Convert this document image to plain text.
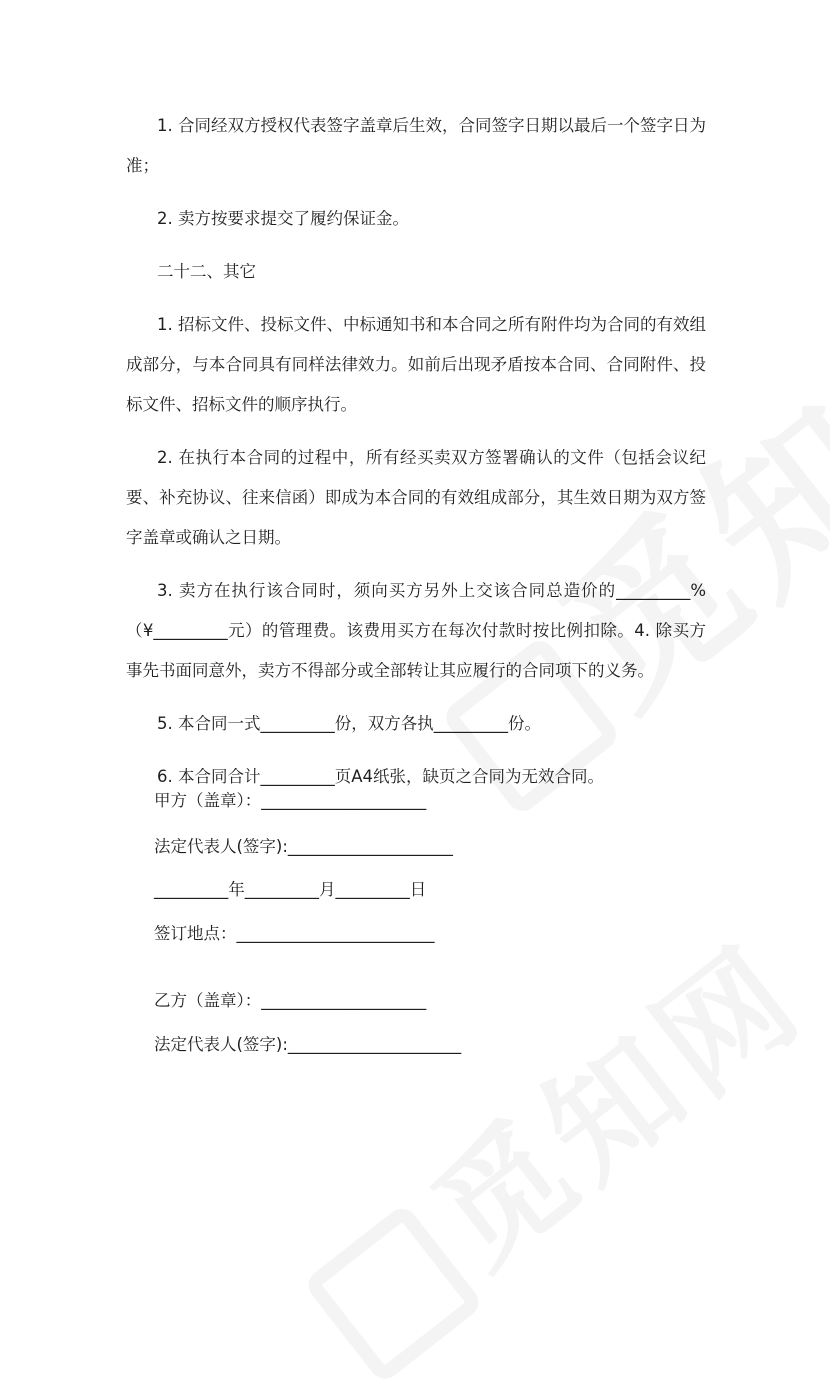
1. 合同经双方授权代表签字盖章后生效，合同签字日期以最后一个签字日为准；

2. 卖方按要求提交了履约保证金。

二十二、其它

1. 招标文件、投标文件、中标通知书和本合同之所有附件均为合同的有效组成部分，与本合同具有同样法律效力。如前后出现矛盾按本合同、合同附件、投标文件、招标文件的顺序执行。

2. 在执行本合同的过程中，所有经买卖双方签署确认的文件（包括会议纪要、补充协议、往来信函）即成为本合同的有效组成部分，其生效日期为双方签字盖章或确认之日期。

3. 卖方在执行该合同时，须向买方另外上交该合同总造价的_________%（¥_________元）的管理费。该费用买方在每次付款时按比例扣除。4. 除买方事先书面同意外，卖方不得部分或全部转让其应履行的合同项下的义务。

5. 本合同一式_________份，双方各执_________份。

6. 本合同合计_________页A4纸张，缺页之合同为无效合同。

甲方（盖章）：____________________
法定代表人(签字):____________________
_________年_________月_________日
签订地点：________________________
乙方（盖章）：____________________
法定代表人(签字):_____________________
